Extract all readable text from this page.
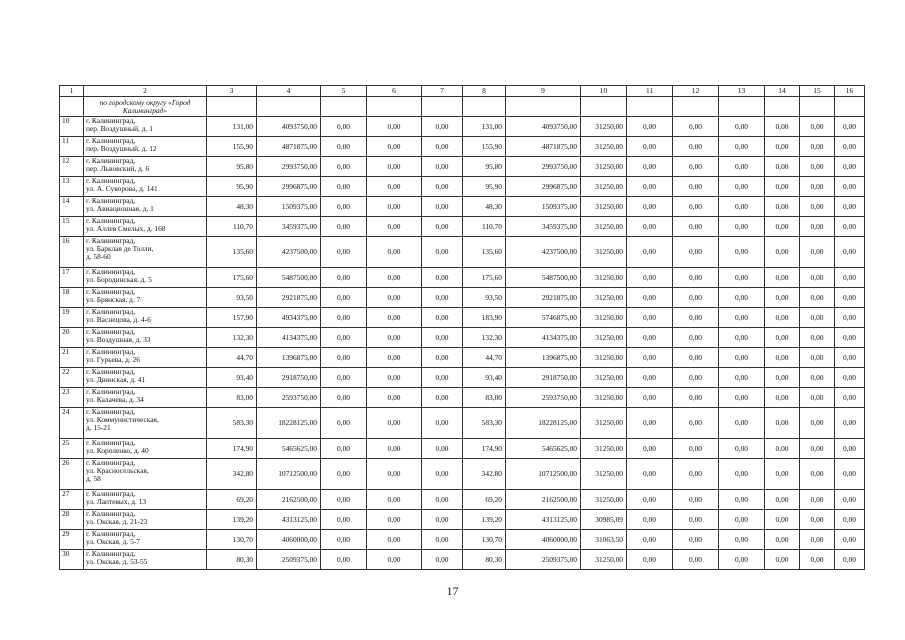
1	2	3	4	5	6	7	8	9	10	11	12	13	14	15	16
	по городскому округу «Город Калининград»														
10	г. Калининград,
пер. Воздушный, д. 1	131,00	4093750,00	0,00	0,00	0,00	131,00	4093750,00	31250,00	0,00	0,00	0,00	0,00	0,00	0,00
11	г. Калининград,
пер. Воздушный, д. 12	155,90	4871875,00	0,00	0,00	0,00	155,90	4871875,00	31250,00	0,00	0,00	0,00	0,00	0,00	0,00
12	г. Калининград,
пер. Львовский, д. 6	95,80	2993750,00	0,00	0,00	0,00	95,80	2993750,00	31250,00	0,00	0,00	0,00	0,00	0,00	0,00
13	г. Калининград,
ул. А. Суворова, д. 141	95,90	2996875,00	0,00	0,00	0,00	95,90	2996875,00	31250,00	0,00	0,00	0,00	0,00	0,00	0,00
14	г. Калининград,
ул. Авиационная, д. 1	48,30	1509375,00	0,00	0,00	0,00	48,30	1509375,00	31250,00	0,00	0,00	0,00	0,00	0,00	0,00
15	г. Калининград,
ул. Аллея Смелых, д. 168	110,70	3459375,00	0,00	0,00	0,00	110,70	3459375,00	31250,00	0,00	0,00	0,00	0,00	0,00	0,00
16	г. Калининград,
ул. Барклая де Толли,
д. 58-60	135,60	4237500,00	0,00	0,00	0,00	135,60	4237500,00	31250,00	0,00	0,00	0,00	0,00	0,00	0,00
17	г. Калининград,
ул. Бородинская, д. 5	175,60	5487500,00	0,00	0,00	0,00	175,60	5487500,00	31250,00	0,00	0,00	0,00	0,00	0,00	0,00
18	г. Калининград,
ул. Брянская, д. 7	93,50	2921875,00	0,00	0,00	0,00	93,50	2921875,00	31250,00	0,00	0,00	0,00	0,00	0,00	0,00
19	г. Калининград,
ул. Васнецова, д. 4-6	157,90	4934375,00	0,00	0,00	0,00	183,90	5746875,00	31250,00	0,00	0,00	0,00	0,00	0,00	0,00
20	г. Калининград,
ул. Воздушная, д. 33	132,30	4134375,00	0,00	0,00	0,00	132,30	4134375,00	31250,00	0,00	0,00	0,00	0,00	0,00	0,00
21	г. Калининград,
ул. Гурьева, д. 26	44,70	1396875,00	0,00	0,00	0,00	44,70	1396875,00	31250,00	0,00	0,00	0,00	0,00	0,00	0,00
22	г. Калининград,
ул. Двинская, д. 41	93,40	2918750,00	0,00	0,00	0,00	93,40	2918750,00	31250,00	0,00	0,00	0,00	0,00	0,00	0,00
23	г. Калининград,
ул. Калачева, д. 34	83,00	2593750,00	0,00	0,00	0,00	83,00	2593750,00	31250,00	0,00	0,00	0,00	0,00	0,00	0,00
24	г. Калининград,
ул. Коммунистическая,
д. 15-21	583,30	18228125,00	0,00	0,00	0,00	583,30	18228125,00	31250,00	0,00	0,00	0,00	0,00	0,00	0,00
25	г. Калининград,
ул. Короленко, д. 40	174,90	5465625,00	0,00	0,00	0,00	174,90	5465625,00	31250,00	0,00	0,00	0,00	0,00	0,00	0,00
26	г. Калининград,
ул. Красносельская,
д. 58	342,80	10712500,00	0,00	0,00	0,00	342,80	10712500,00	31250,00	0,00	0,00	0,00	0,00	0,00	0,00
27	г. Калининград,
ул. Лаптевых, д. 13	69,20	2162500,00	0,00	0,00	0,00	69,20	2162500,00	31250,00	0,00	0,00	0,00	0,00	0,00	0,00
28	г. Калининград,
ул. Окская, д. 21-23	139,20	4313125,00	0,00	0,00	0,00	139,20	4313125,00	30985,09	0,00	0,00	0,00	0,00	0,00	0,00
29	г. Калининград,
ул. Окская, д. 5-7	130,70	4060000,00	0,00	0,00	0,00	130,70	4060000,00	31063,50	0,00	0,00	0,00	0,00	0,00	0,00
30	г. Калининград,
ул. Окская, д. 53-55	80,30	2509375,00	0,00	0,00	0,00	80,30	2509375,00	31250,00	0,00	0,00	0,00	0,00	0,00	0,00
17
